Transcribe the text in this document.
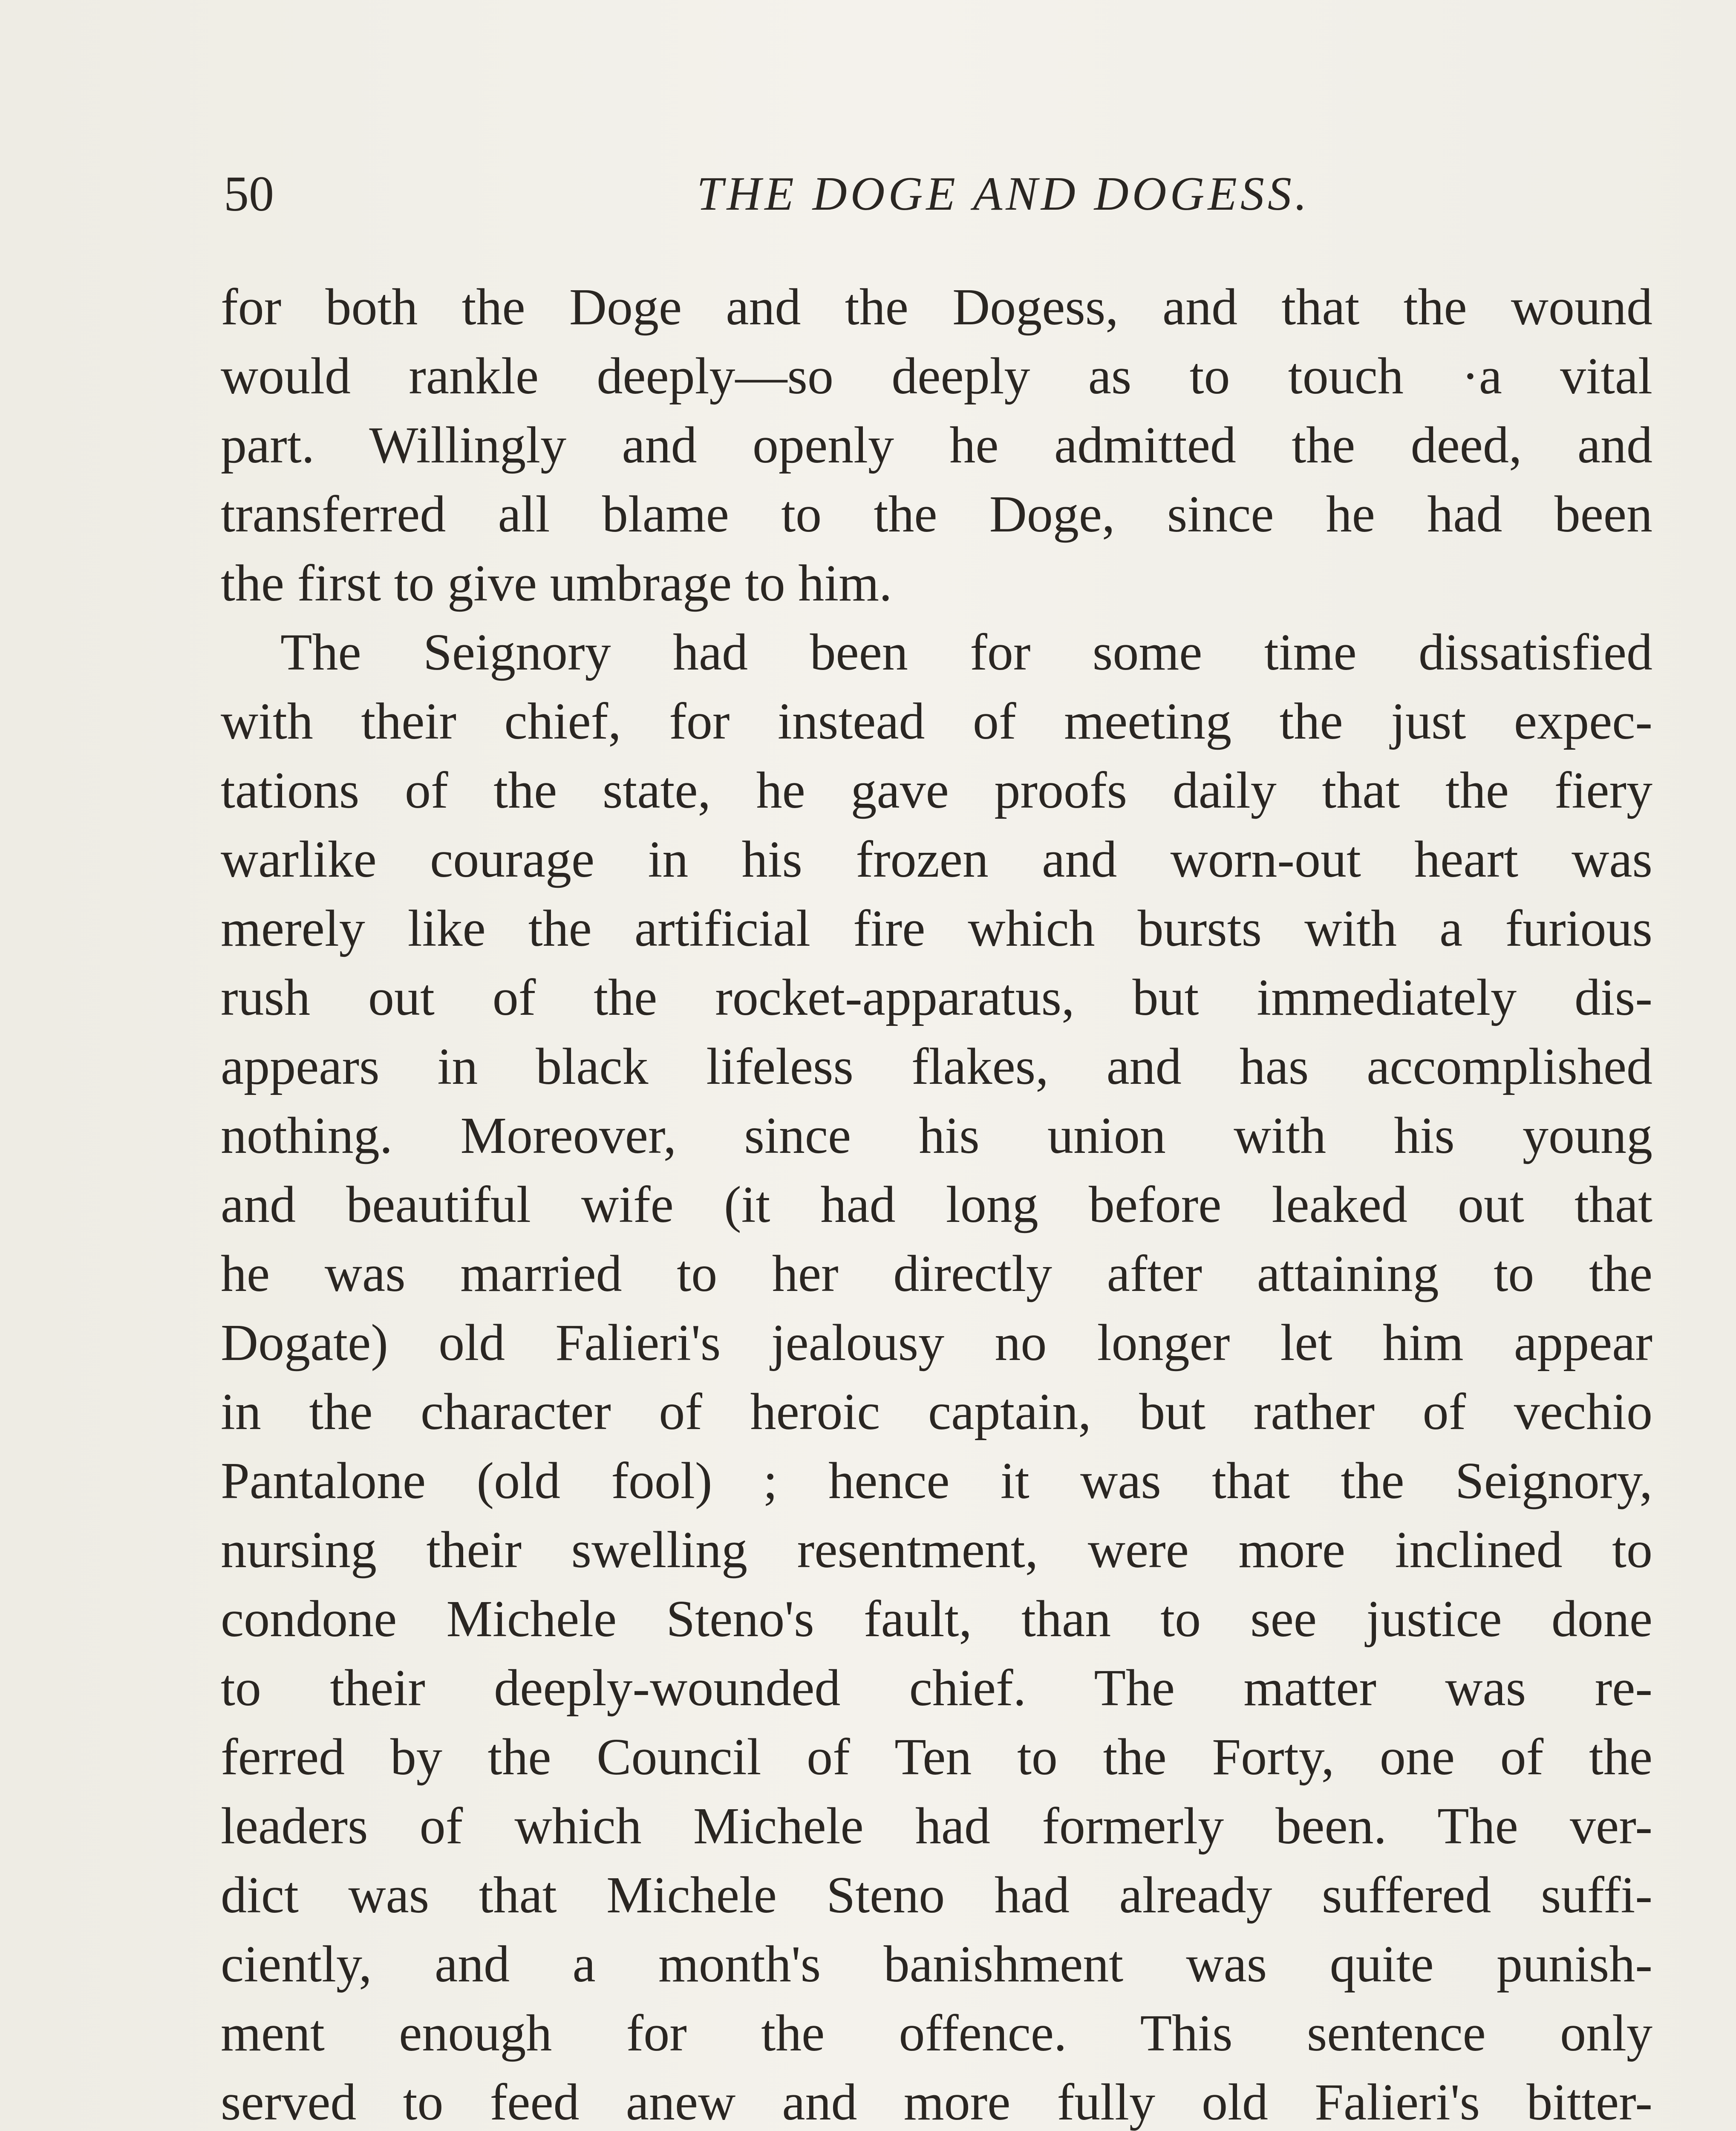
50	THE DOGE AND DOGESS.
for both the Doge and the Dogess, and that the wound
would rankle deeply—so deeply as to touch ·a vital
part. Willingly and openly he admitted the deed, and
transferred all blame to the Doge, since he had been
the first to give umbrage to him.
The Seignory had been for some time dissatisfied
with their chief, for instead of meeting the just expec-
tations of the state, he gave proofs daily that the fiery
warlike courage in his frozen and worn-out heart was
merely like the artificial fire which bursts with a furious
rush out of the rocket-apparatus, but immediately dis-
appears in black lifeless flakes, and has accomplished
nothing. Moreover, since his union with his young
and beautiful wife (it had long before leaked out that
he was married to her directly after attaining to the
Dogate) old Falieri's jealousy no longer let him appear
in the character of heroic captain, but rather of vechio
Pantalone (old fool) ; hence it was that the Seignory,
nursing their swelling resentment, were more inclined to
condone Michele Steno's fault, than to see justice done
to their deeply-wounded chief. The matter was re-
ferred by the Council of Ten to the Forty, one of the
leaders of which Michele had formerly been. The ver-
dict was that Michele Steno had already suffered suffi-
ciently, and a month's banishment was quite punish-
ment enough for the offence. This sentence only
served to feed anew and more fully old Falieri's bitter-
